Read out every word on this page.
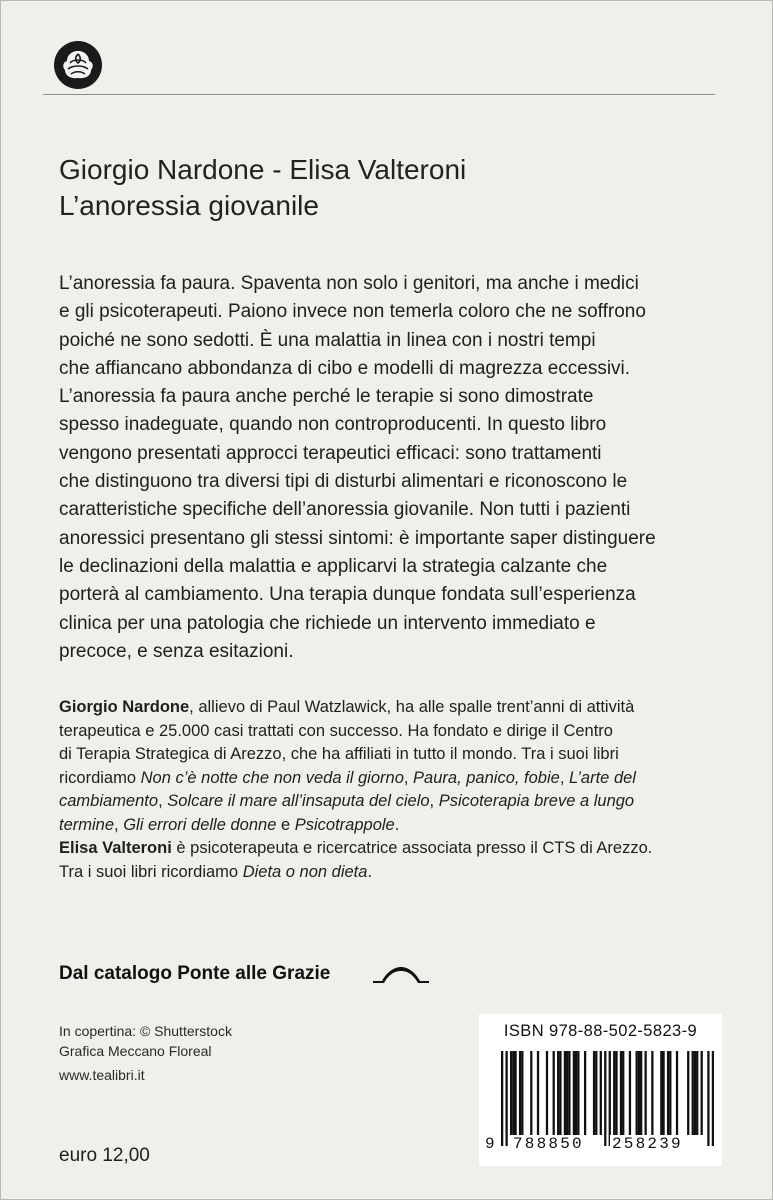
Giorgio Nardone - Elisa Valteroni
L’anoressia giovanile

L’anoressia fa paura. Spaventa non solo i genitori, ma anche i medici

e gli psicoterapeuti. Paiono invece non temerla coloro che ne soffrono

poiché ne sono sedotti. È una malattia in linea con i nostri tempi

che affiancano abbondanza di cibo e modelli di magrezza eccessivi.

L’anoressia fa paura anche perché le terapie si sono dimostrate

spesso inadeguate, quando non controproducenti. In questo libro

vengono presentati approcci terapeutici efficaci: sono trattamenti

che distinguono tra diversi tipi di disturbi alimentari e riconoscono le

caratteristiche specifiche dell’anoressia giovanile. Non tutti i pazienti

anoressici presentano gli stessi sintomi: è importante saper distinguere

le declinazioni della malattia e applicarvi la strategia calzante che

porterà al cambiamento. Una terapia dunque fondata sull’esperienza

clinica per una patologia che richiede un intervento immediato e

precoce, e senza esitazioni.

Giorgio Nardone, allievo di Paul Watzlawick, ha alle spalle trent’anni di attività

terapeutica e 25.000 casi trattati con successo. Ha fondato e dirige il Centro

di Terapia Strategica di Arezzo, che ha affiliati in tutto il mondo. Tra i suoi libri

ricordiamo Non c’è notte che non veda il giorno, Paura, panico, fobie, L’arte del

cambiamento, Solcare il mare all’insaputa del cielo, Psicoterapia breve a lungo

termine, Gli errori delle donne e Psicotrappole.

Elisa Valteroni è psicoterapeuta e ricercatrice associata presso il CTS di Arezzo.

Tra i suoi libri ricordiamo Dieta o non dieta.

Dal catalogo Ponte alle Grazie
In copertina: © Shutterstock
Grafica Meccano Floreal
www.tealibri.it
euro 12,00
ISBN 978-88-502-5823-9
9 788850 258239
